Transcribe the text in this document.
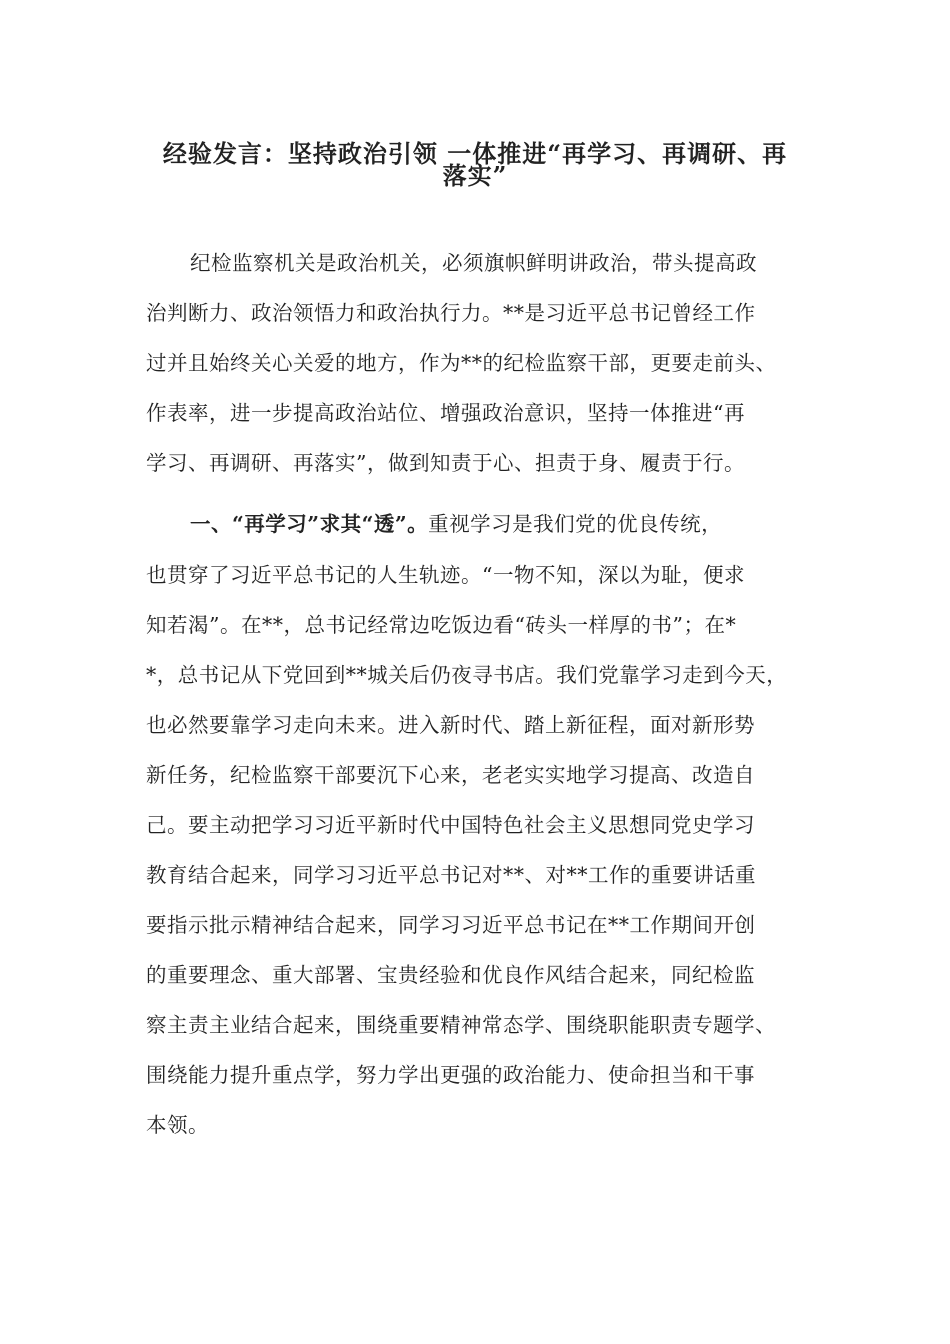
经验发言：坚持政治引领 一体推进“再学习、再调研、再
落实”
纪检监察机关是政治机关，必须旗帜鲜明讲政治，带头提高政
治判断力、政治领悟力和政治执行力。**是习近平总书记曾经工作
过并且始终关心关爱的地方，作为**的纪检监察干部，更要走前头、
作表率，进一步提高政治站位、增强政治意识，坚持一体推进“再
学习、再调研、再落实”，做到知责于心、担责于身、履责于行。
一、“再学习”求其“透”。重视学习是我们党的优良传统，
也贯穿了习近平总书记的人生轨迹。“一物不知，深以为耻，便求
知若渴”。在**，总书记经常边吃饭边看“砖头一样厚的书”；在*
*，总书记从下党回到**城关后仍夜寻书店。我们党靠学习走到今天，
也必然要靠学习走向未来。进入新时代、踏上新征程，面对新形势
新任务，纪检监察干部要沉下心来，老老实实地学习提高、改造自
己。要主动把学习习近平新时代中国特色社会主义思想同党史学习
教育结合起来，同学习习近平总书记对**、对**工作的重要讲话重
要指示批示精神结合起来，同学习习近平总书记在**工作期间开创
的重要理念、重大部署、宝贵经验和优良作风结合起来，同纪检监
察主责主业结合起来，围绕重要精神常态学、围绕职能职责专题学、
围绕能力提升重点学，努力学出更强的政治能力、使命担当和干事
本领。
